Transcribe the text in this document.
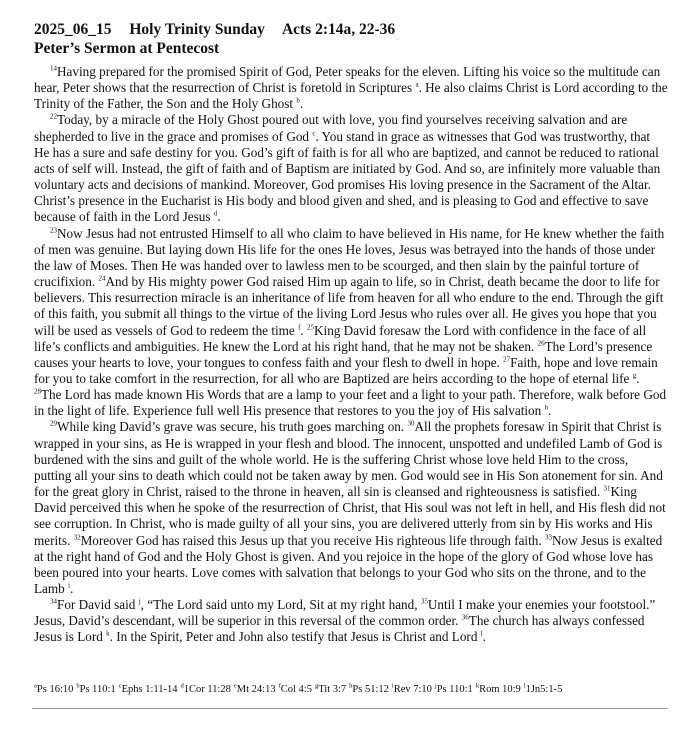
2025_06_15 Holy Trinity Sunday Acts 2:14a, 22-36
Peter’s Sermon at Pentecost

$^{14}$Having prepared for the promised Spirit of God, Peter speaks for the eleven. Lifting his voice so the multitude can hear, Peter shows that the resurrection of Christ is foretold in Scriptures $^a$. He also claims Christ is Lord according to the Trinity of the Father, the Son and the Holy Ghost $^b$.

$^{22}$Today, by a miracle of the Holy Ghost poured out with love, you find yourselves receiving salvation and are shepherded to live in the grace and promises of God $^c$. You stand in grace as witnesses that God was trustworthy, that He has a sure and safe destiny for you. God’s gift of faith is for all who are baptized, and cannot be reduced to rational acts of self will. Instead, the gift of faith and of Baptism are initiated by God. And so, are infinitely more valuable than voluntary acts and decisions of mankind. Moreover, God promises His loving presence in the Sacrament of the Altar. Christ’s presence in the Eucharist is His body and blood given and shed, and is pleasing to God and effective to save because of faith in the Lord Jesus $^d$.

$^{23}$Now Jesus had not entrusted Himself to all who claim to have believed in His name, for He knew whether the faith of men was genuine. But laying down His life for the ones He loves, Jesus was betrayed into the hands of those under the law of Moses. Then He was handed over to lawless men to be scourged, and then slain by the painful torture of crucifixion. $^{24}$And by His mighty power God raised Him up again to life, so in Christ, death became the door to life for believers. This resurrection miracle is an inheritance of life from heaven for all who endure to the end. Through the gift of this faith, you submit all things to the virtue of the living Lord Jesus who rules over all. He gives you hope that you will be used as vessels of God to redeem the time $^f$. $^{25}$King David foresaw the Lord with confidence in the face of all life’s conflicts and ambiguities. He knew the Lord at his right hand, that he may not be shaken. $^{26}$The Lord’s presence causes your hearts to love, your tongues to confess faith and your flesh to dwell in hope. $^{27}$Faith, hope and love remain for you to take comfort in the resurrection, for all who are Baptized are heirs according to the hope of eternal life $^g$. $^{28}$The Lord has made known His Words that are a lamp to your feet and a light to your path. Therefore, walk before God in the light of life. Experience full well His presence that restores to you the joy of His salvation $^h$.

$^{29}$While king David’s grave was secure, his truth goes marching on. $^{30}$All the prophets foresaw in Spirit that Christ is wrapped in your sins, as He is wrapped in your flesh and blood. The innocent, unspotted and undefiled Lamb of God is burdened with the sins and guilt of the whole world. He is the suffering Christ whose love held Him to the cross, putting all your sins to death which could not be taken away by men. God would see in His Son atonement for sin. And for the great glory in Christ, raised to the throne in heaven, all sin is cleansed and righteousness is satisfied. $^{31}$King David perceived this when he spoke of the resurrection of Christ, that His soul was not left in hell, and His flesh did not see corruption. In Christ, who is made guilty of all your sins, you are delivered utterly from sin by His works and His merits. $^{32}$Moreover God has raised this Jesus up that you receive His righteous life through faith. $^{33}$Now Jesus is exalted at the right hand of God and the Holy Ghost is given. And you rejoice in the hope of the glory of God whose love has been poured into your hearts. Love comes with salvation that belongs to your God who sits on the throne, and to the Lamb $^i$.

$^{34}$For David said $^j$, “The Lord said unto my Lord, Sit at my right hand, $^{35}$Until I make your enemies your footstool.” Jesus, David’s descendant, will be superior in this reversal of the common order. $^{36}$The church has always confessed Jesus is Lord $^k$. In the Spirit, Peter and John also testify that Jesus is Christ and Lord $^l$.

$^a$Ps 16:10 $^b$Ps 110:1 $^c$Ephs 1:11-14 $^d$1Cor 11:28 $^e$Mt 24:13 $^f$Col 4:5 $^g$Tit 3:7 $^h$Ps 51:12 $^i$Rev 7:10 $^j$Ps 110:1 $^k$Rom 10:9 $^l$1Jn5:1-5
